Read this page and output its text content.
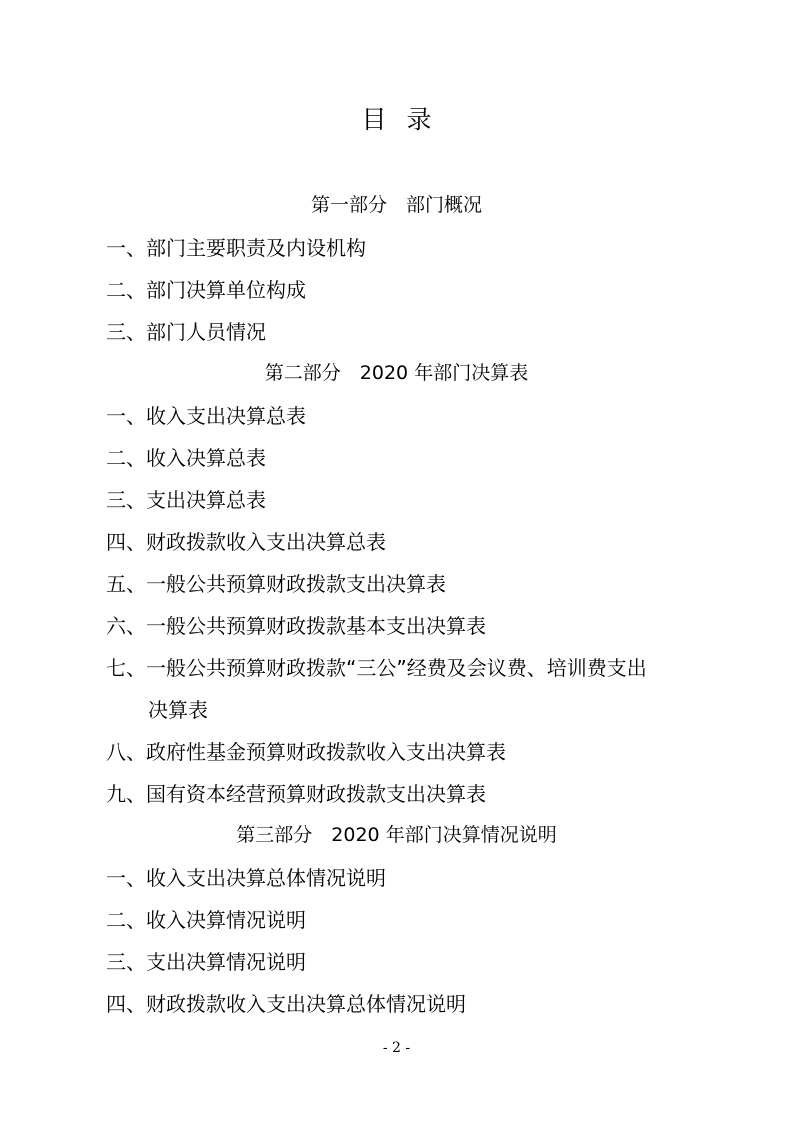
目录
第一部分　部门概况
一、部门主要职责及内设机构
二、部门决算单位构成
三、部门人员情况
第二部分　2020 年部门决算表
一、收入支出决算总表
二、收入决算总表
三、支出决算总表
四、财政拨款收入支出决算总表
五、一般公共预算财政拨款支出决算表
六、一般公共预算财政拨款基本支出决算表
七、一般公共预算财政拨款“三公”经费及会议费、培训费支出
决算表
八、政府性基金预算财政拨款收入支出决算表
九、国有资本经营预算财政拨款支出决算表
第三部分　2020 年部门决算情况说明
一、收入支出决算总体情况说明
二、收入决算情况说明
三、支出决算情况说明
四、财政拨款收入支出决算总体情况说明
- 2 -
